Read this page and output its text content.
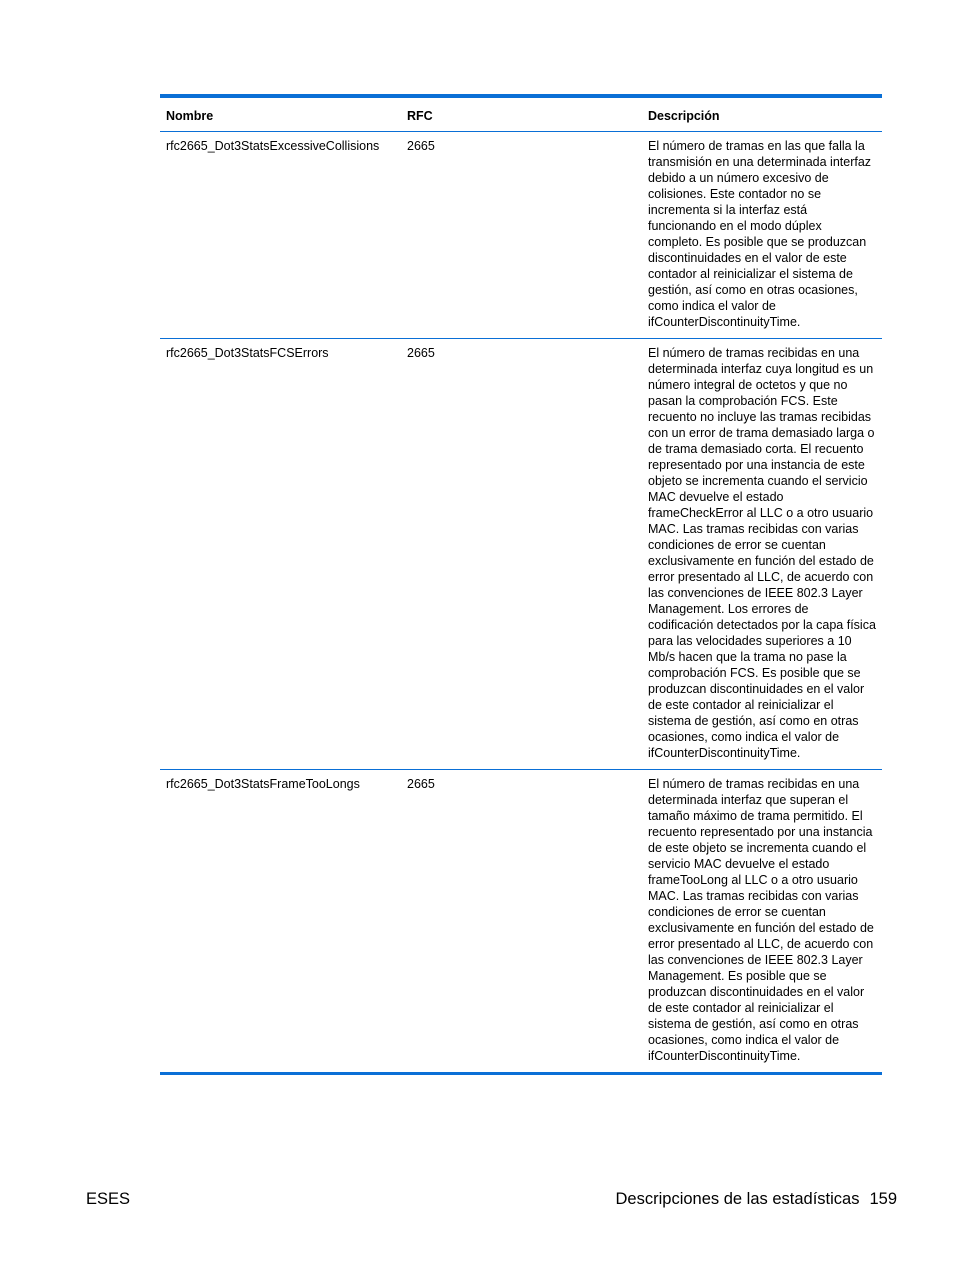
Nombre	RFC	Descripción
rfc2665_Dot3StatsExcessiveCollisions	2665	El número de tramas en las que falla la transmisión en una determinada interfaz debido a un número excesivo de colisiones. Este contador no se incrementa si la interfaz está funcionando en el modo dúplex completo. Es posible que se produzcan discontinuidades en el valor de este contador al reinicializar el sistema de gestión, así como en otras ocasiones, como indica el valor de ifCounterDiscontinuityTime.
rfc2665_Dot3StatsFCSErrors	2665	El número de tramas recibidas en una determinada interfaz cuya longitud es un número integral de octetos y que no pasan la comprobación FCS. Este recuento no incluye las tramas recibidas con un error de trama demasiado larga o de trama demasiado corta. El recuento representado por una instancia de este objeto se incrementa cuando el servicio MAC devuelve el estado frameCheckError al LLC o a otro usuario MAC. Las tramas recibidas con varias condiciones de error se cuentan exclusivamente en función del estado de error presentado al LLC, de acuerdo con las convenciones de IEEE 802.3 Layer Management. Los errores de codificación detectados por la capa física para las velocidades superiores a 10 Mb/s hacen que la trama no pase la comprobación FCS. Es posible que se produzcan discontinuidades en el valor de este contador al reinicializar el sistema de gestión, así como en otras ocasiones, como indica el valor de ifCounterDiscontinuityTime.
rfc2665_Dot3StatsFrameTooLongs	2665	El número de tramas recibidas en una determinada interfaz que superan el tamaño máximo de trama permitido. El recuento representado por una instancia de este objeto se incrementa cuando el servicio MAC devuelve el estado frameTooLong al LLC o a otro usuario MAC. Las tramas recibidas con varias condiciones de error se cuentan exclusivamente en función del estado de error presentado al LLC, de acuerdo con las convenciones de IEEE 802.3 Layer Management. Es posible que se produzcan discontinuidades en el valor de este contador al reinicializar el sistema de gestión, así como en otras ocasiones, como indica el valor de ifCounterDiscontinuityTime.
ESES	Descripciones de las estadísticas 159
